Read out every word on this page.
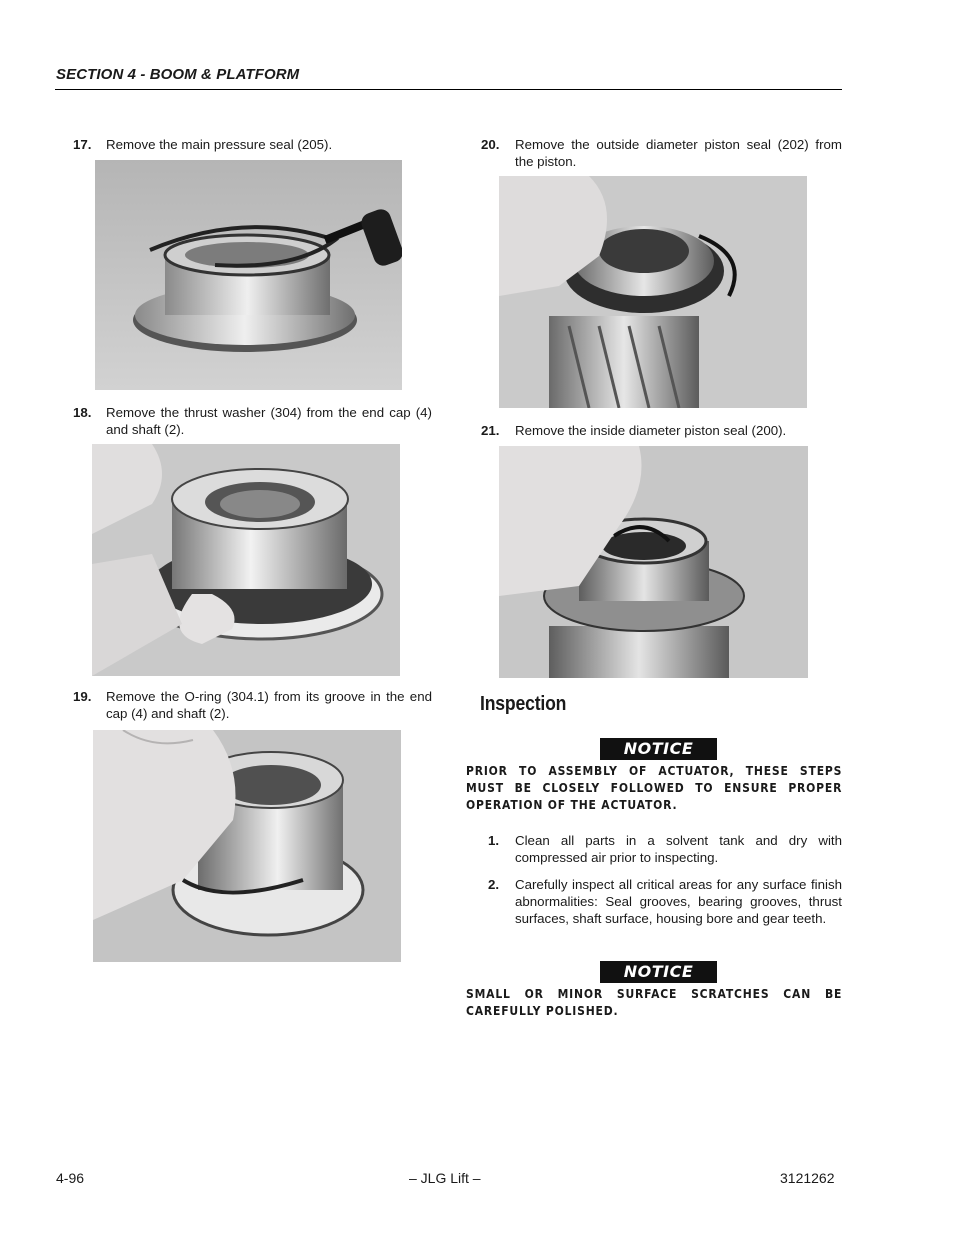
SECTION 4 - BOOM & PLATFORM
17. Remove the main pressure seal (205).
18. Remove the thrust washer (304) from the end cap (4) and shaft (2).
19. Remove the O-ring (304.1) from its groove in the end cap (4) and shaft (2).
20. Remove the outside diameter piston seal (202) from the piston.
21. Remove the inside diameter piston seal (200).
Inspection
NOTICE
PRIOR TO ASSEMBLY OF ACTUATOR, THESE STEPS MUST BE CLOSELY FOLLOWED TO ENSURE PROPER OPERATION OF THE ACTUATOR.
1. Clean all parts in a solvent tank and dry with compressed air prior to inspecting.
2. Carefully inspect all critical areas for any surface finish abnormalities: Seal grooves, bearing grooves, thrust surfaces, shaft surface, housing bore and gear teeth.
NOTICE
SMALL OR MINOR SURFACE SCRATCHES CAN BE CAREFULLY POLISHED.
4-96	– JLG Lift –	3121262
